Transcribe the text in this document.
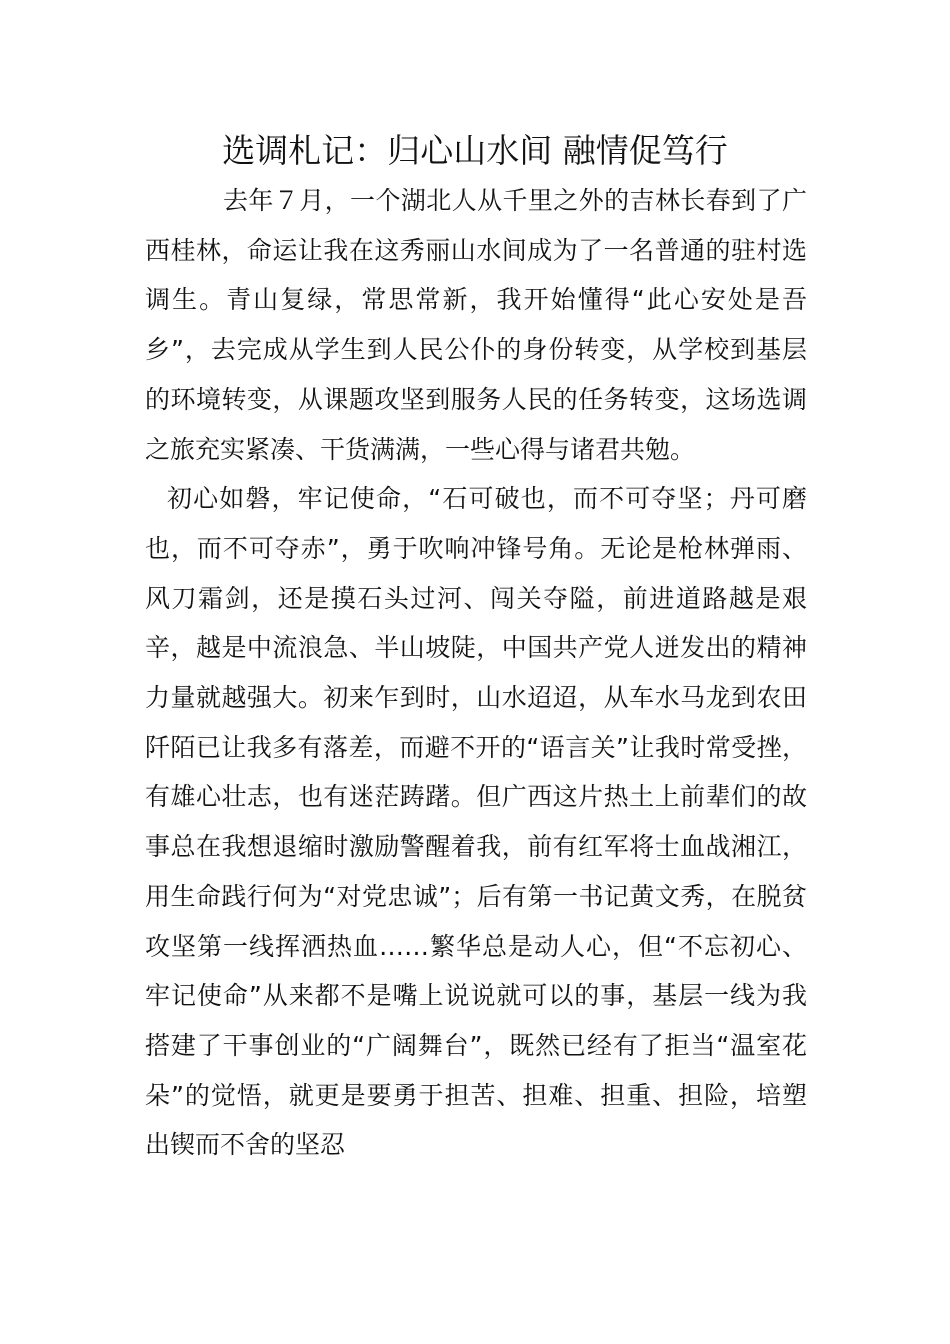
选调札记：归心山水间 融情促笃行

去年７月，一个湖北人从千里之外的吉林长春到了广西桂林，命运让我在这秀丽山水间成为了一名普通的驻村选调生。青山复绿，常思常新，我开始懂得“此心安处是吾乡”，去完成从学生到人民公仆的身份转变，从学校到基层的环境转变，从课题攻坚到服务人民的任务转变，这场选调之旅充实紧凑、干货满满，一些心得与诸君共勉。

初心如磐，牢记使命，“石可破也，而不可夺坚；丹可磨也，而不可夺赤”，勇于吹响冲锋号角。无论是枪林弹雨、风刀霜剑，还是摸石头过河、闯关夺隘，前进道路越是艰辛，越是中流浪急、半山坡陡，中国共产党人迸发出的精神力量就越强大。初来乍到时，山水迢迢，从车水马龙到农田阡陌已让我多有落差，而避不开的“语言关”让我时常受挫，有雄心壮志，也有迷茫踌躇。但广西这片热土上前辈们的故事总在我想退缩时激励警醒着我，前有红军将士血战湘江，用生命践行何为“对党忠诚”；后有第一书记黄文秀，在脱贫攻坚第一线挥洒热血……繁华总是动人心，但“不忘初心、牢记使命”从来都不是嘴上说说就可以的事，基层一线为我搭建了干事创业的“广阔舞台”，既然已经有了拒当“温室花朵”的觉悟，就更是要勇于担苦、担难、担重、担险，培塑出锲而不舍的坚忍
